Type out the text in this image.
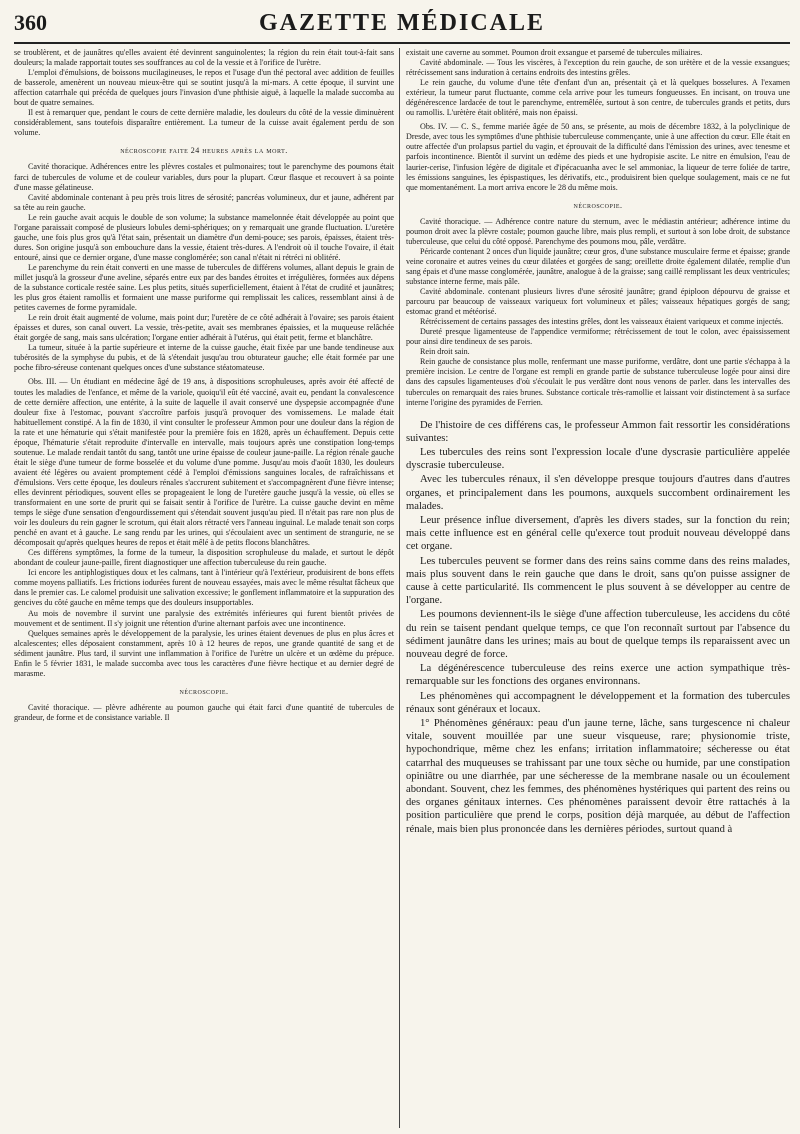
360	GAZETTE MÉDICALE

se troublèrent, et de jaunâtres qu'elles avaient été devinrent sanguinolentes; la région du rein était tout-à-fait sans douleurs; la malade rapportait toutes ses souffrances au col de la vessie et à l'orifice de l'urètre.

L'emploi d'émulsions, de boissons mucilagineuses, le repos et l'usage d'un thé pectoral avec addition de feuilles de basserole, amenèrent un nouveau mieux-être qui se soutint jusqu'à la mi-mars. A cette époque, il survint une affection catarrhale qui précéda de quelques jours l'invasion d'une phthisie aiguë, à laquelle la malade succomba au bout de quatre semaines.

Il est à remarquer que, pendant le cours de cette dernière maladie, les douleurs du côté de la vessie diminuèrent considérablement, sans toutefois disparaître entièrement. La tumeur de la cuisse avait également perdu de son volume.

nécroscopie faite 24 heures après la mort.

Cavité thoracique. Adhérences entre les plèvres costales et pulmonaires; tout le parenchyme des poumons était farci de tubercules de volume et de couleur variables, durs pour la plupart. Cœur flasque et recouvert à sa pointe d'une masse gélatineuse.

Cavité abdominale contenant à peu près trois litres de sérosité; pancréas volumineux, dur et jaune, adhérent par sa tête au rein gauche.

Le rein gauche avait acquis le double de son volume; la substance mamelonnée était développée au point que l'organe paraissait composé de plusieurs lobules demi-sphériques; on y remarquait une grande fluctuation. L'uretère gauche, une fois plus gros qu'à l'état sain, présentait un diamètre d'un demi-pouce; ses parois, épaisses, étaient très-dures. Son origine jusqu'à son embouchure dans la vessie, étaient très-dures. A l'endroit où il touche l'ovaire, il était entouré, ainsi que ce dernier organe, d'une masse conglomérée; son canal n'était ni rétréci ni oblitéré.

Le parenchyme du rein était converti en une masse de tubercules de différens volumes, allant depuis le grain de millet jusqu'à la grosseur d'une aveline, séparés entre eux par des bandes étroites et irrégulières, formées aux dépens de la substance corticale restée saine. Les plus petits, situés superficiellement, étaient à l'état de crudité et jaunâtres; les plus gros étaient ramollis et formaient une masse puriforme qui remplissait les calices, ressemblant ainsi à de petites cavernes de forme pyramidale.

Le rein droit était augmenté de volume, mais point dur; l'uretère de ce côté adhérait à l'ovaire; ses parois étaient épaisses et dures, son canal ouvert. La vessie, très-petite, avait ses membranes épaissies, et la muqueuse relâchée était gorgée de sang, mais sans ulcération; l'organe entier adhérait à l'utérus, qui était petit, ferme et blanchâtre.

La tumeur, située à la partie supérieure et interne de la cuisse gauche, était fixée par une bande tendineuse aux tubérosités de la symphyse du pubis, et de là s'étendait jusqu'au trou obturateur gauche; elle était formée par une poche fibro-séreuse contenant quelques onces d'une substance stéatomateuse.

Obs. III. — Un étudiant en médecine âgé de 19 ans, à dispositions scrophuleuses, après avoir été affecté de toutes les maladies de l'enfance, et même de la variole, quoiqu'il eût été vacciné, avait eu, pendant la convalescence de cette dernière affection, une entérite, à la suite de laquelle il avait conservé une dyspepsie accompagnée d'une douleur fixe à l'estomac, pouvant s'accroître parfois jusqu'à provoquer des vomissemens. Le malade était habituellement constipé. A la fin de 1830, il vint consulter le professeur Ammon pour une douleur dans la région de la rate et une hématurie qui s'était manifestée pour la première fois en 1828, après un échauffement. Depuis cette époque, l'hématurie s'était reproduite d'intervalle en intervalle, mais toujours après une constipation long-temps soutenue. Le malade rendait tantôt du sang, tantôt une urine épaisse de couleur jaune-paille. La région rénale gauche était le siège d'une tumeur de forme bosselée et du volume d'une pomme. Jusqu'au mois d'août 1830, les douleurs avaient été légères ou avaient promptement cédé à l'emploi d'émissions sanguines locales, de rafraîchissans et d'émulsions. Vers cette époque, les douleurs rénales s'accrurent subitement et s'accompagnèrent d'une fièvre intense; elles devinrent périodiques, souvent elles se propageaient le long de l'uretère gauche jusqu'à la vessie, où elles se transformaient en une sorte de prurit qui se faisait sentir à l'orifice de l'urètre. La cuisse gauche devint en même temps le siège d'une sensation d'engourdissement qui s'étendait souvent jusqu'au pied. Il n'était pas rare non plus de voir les douleurs du rein gagner le scrotum, qui était alors rétracté vers l'anneau inguinal. Le malade tenait son corps penché en avant et à gauche. Le sang rendu par les urines, qui s'écoulaient avec un sentiment de strangurie, ne se décomposait qu'après quelques heures de repos et était mêlé à de petits flocons blanchâtres.

Ces différens symptômes, la forme de la tumeur, la disposition scrophuleuse du malade, et surtout le dépôt abondant de couleur jaune-paille, firent diagnostiquer une affection tuberculeuse du rein gauche.

Ici encore les antiphlogistiques doux et les calmans, tant à l'intérieur qu'à l'extérieur, produisirent de bons effets comme moyens palliatifs. Les frictions iodurées furent de nouveau essayées, mais avec le même résultat fâcheux que dans le premier cas. Le calomel produisit une salivation excessive; le gonflement inflammatoire et la suppuration des gencives du côté gauche en même temps que des douleurs insupportables.

Au mois de novembre il survint une paralysie des extrémités inférieures qui furent bientôt privées de mouvement et de sentiment. Il s'y joignit une rétention d'urine alternant parfois avec une incontinence.

Quelques semaines après le développement de la paralysie, les urines étaient devenues de plus en plus âcres et alcalescentes; elles déposaient constamment, après 10 à 12 heures de repos, une grande quantité de sang et de sédiment jaunâtre. Plus tard, il survint une inflammation à l'orifice de l'urètre un ulcère et un œdème du prépuce. Enfin le 5 février 1831, le malade succomba avec tous les caractères d'une fièvre hectique et au dernier degré de marasme.

nécroscopie.

Cavité thoracique. — plèvre adhérente au poumon gauche qui était farci d'une quantité de tubercules de grandeur, de forme et de consistance variable. Il

existait une caverne au sommet. Poumon droit exsangue et parsemé de tubercules miliaires.

Cavité abdominale. — Tous les viscères, à l'exception du rein gauche, de son urètère et de la vessie exsangues; rétrécissement sans induration à certains endroits des intestins grêles.

Le rein gauche, du volume d'une tête d'enfant d'un an, présentait çà et là quelques bosselures. A l'examen extérieur, la tumeur parut fluctuante, comme cela arrive pour les tumeurs fongueusses. En incisant, on trouva une dégénérescence lardacée de tout le parenchyme, entremêlée, surtout à son centre, de tubercules grands et petits, durs ou ramollis. L'urètère était oblitéré, mais non épaissi.

Obs. IV. — C. S., femme mariée âgée de 50 ans, se présente, au mois de décembre 1832, à la polyclinique de Dresde, avec tous les symptômes d'une phthisie tuberculeuse commençante, unie à une affection du cœur. Elle était en outre affectée d'un prolapsus partiel du vagin, et éprouvait de la difficulté dans l'émission des urines, avec tenesme et parfois incontinence. Bientôt il survint un œdème des pieds et une hydropisie ascite. Le nitre en émulsion, l'eau de laurier-cerise, l'infusion légère de digitale et d'ipécacuanha avec le sel ammoniac, la liqueur de terre foliée de tartre, les émissions sanguines, les épispastiques, les dérivatifs, etc., produisirent bien quelque soulagement, mais ce ne fut que momentanément. La mort arriva encore le 28 du même mois.

nécroscopie.

Cavité thoracique. — Adhérence contre nature du sternum, avec le médiastin antérieur; adhérence intime du poumon droit avec la plèvre costale; poumon gauche libre, mais plus rempli, et surtout à son lobe droit, de substance tuberculeuse, que celui du côté opposé. Parenchyme des poumons mou, pâle, verdâtre.

Péricarde contenant 2 onces d'un liquide jaunâtre; cœur gros, d'une substance musculaire ferme et épaisse; grande veine coronaire et autres veines du cœur dilatées et gorgées de sang; oreillette droite également dilatée, remplie d'un sang épais et d'une masse conglomérée, jaunâtre, analogue à de la graisse; sang caillé remplissant les deux ventricules; substance interne ferme, mais pâle.

Cavité abdominale. contenant plusieurs livres d'une sérosité jaunâtre; grand épiploon dépourvu de graisse et parcouru par beaucoup de vaisseaux variqueux fort volumineux et pâles; vaisseaux hépatiques gorgés de sang; estomac grand et météorisé.

Rétrécissement de certains passages des intestins grêles, dont les vaisseaux étaient variqueux et comme injectés.

Dureté presque ligamenteuse de l'appendice vermiforme; rétrécissement de tout le colon, avec épaississement pour ainsi dire tendineux de ses parois.

Rein droit sain.

Rein gauche de consistance plus molle, renfermant une masse puriforme, verdâtre, dont une partie s'échappa à la première incision. Le centre de l'organe est rempli en grande partie de substance tuberculeuse logée pour ainsi dire dans des capsules ligamenteuses d'où s'écoulait le pus verdâtre dont nous venons de parler. dans les intervalles des tubercules on remarquait des raies brunes. Substance corticale très-ramollie et laissant voir distinctement à sa surface interne l'origine des pyramides de Ferrien.

De l'histoire de ces différens cas, le professeur Ammon fait ressortir les considérations suivantes:

Les tubercules des reins sont l'expression locale d'une dyscrasie particulière appelée dyscrasie tuberculeuse.

Avec les tubercules rénaux, il s'en développe presque toujours d'autres dans d'autres organes, et principalement dans les poumons, auxquels succombent ordinairement les malades.

Leur présence influe diversement, d'après les divers stades, sur la fonction du rein; mais cette influence est en général celle qu'exerce tout produit nouveau développé dans cet organe.

Les tubercules peuvent se former dans des reins sains comme dans des reins malades, mais plus souvent dans le rein gauche que dans le droit, sans qu'on puisse assigner de cause à cette particularité. Ils commencent le plus souvent à se développer au centre de l'organe.

Les poumons deviennent-ils le siège d'une affection tuberculeuse, les accidens du côté du rein se taisent pendant quelque temps, ce que l'on reconnaît surtout par l'absence du sédiment jaunâtre dans les urines; mais au bout de quelque temps ils reparaissent avec un nouveau degré de force.

La dégénérescence tuberculeuse des reins exerce une action sympathique très-remarquable sur les fonctions des organes environnans.

Les phénomènes qui accompagnent le développement et la formation des tubercules rénaux sont généraux et locaux.

1° Phénomènes généraux: peau d'un jaune terne, lâche, sans turgescence ni chaleur vitale, souvent mouillée par une sueur visqueuse, rare; physionomie triste, hypochondrique, même chez les enfans; irritation inflammatoire; sécheresse ou état catarrhal des muqueuses se trahissant par une toux sèche ou humide, par une constipation opiniâtre ou une diarrhée, par une sécheresse de la membrane nasale ou un écoulement abondant. Souvent, chez les femmes, des phénomènes hystériques qui partent des reins ou des organes génitaux internes. Ces phénomènes paraissent devoir être rattachés à la position particulière que prend le corps, position déjà marquée, au début de l'affection rénale, mais bien plus prononcée dans les dernières périodes, surtout quand à
